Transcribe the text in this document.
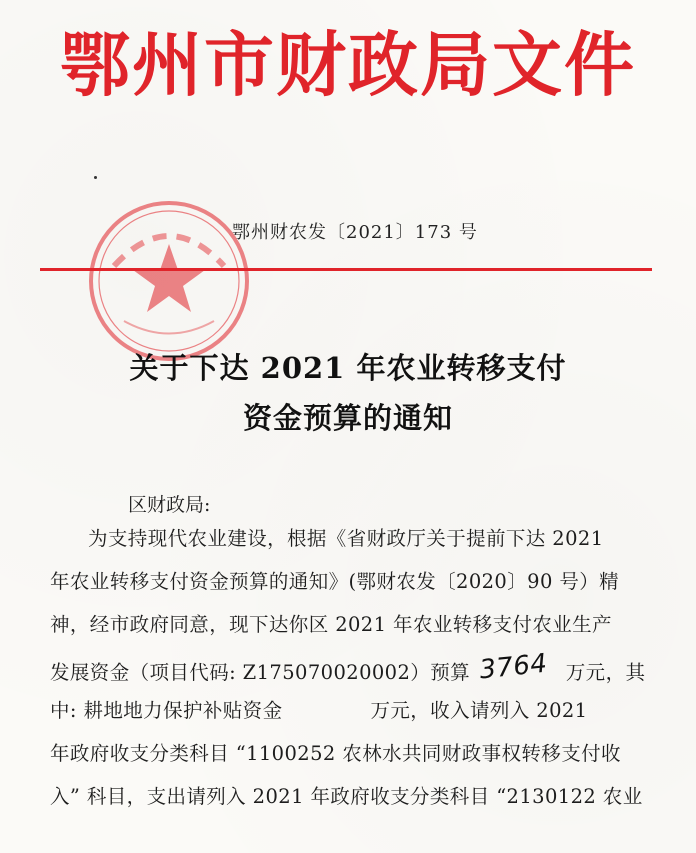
鄂州市财政局文件
鄂州财农发〔2021〕173 号
关于下达 2021 年农业转移支付
资金预算的通知
区财政局:
为支持现代农业建设，根据《省财政厅关于提前下达 2021
年农业转移支付资金预算的通知》(鄂财农发〔2020〕90 号）精
神，经市政府同意，现下达你区 2021 年农业转移支付农业生产
发展资金（项目代码: Z175070020002）预算 3764 万元，其
中: 耕地地力保护补贴资金	万元，收入请列入 2021
年政府收支分类科目 “1100252 农林水共同财政事权转移支付收
入” 科目，支出请列入 2021 年政府收支分类科目 “2130122 农业
